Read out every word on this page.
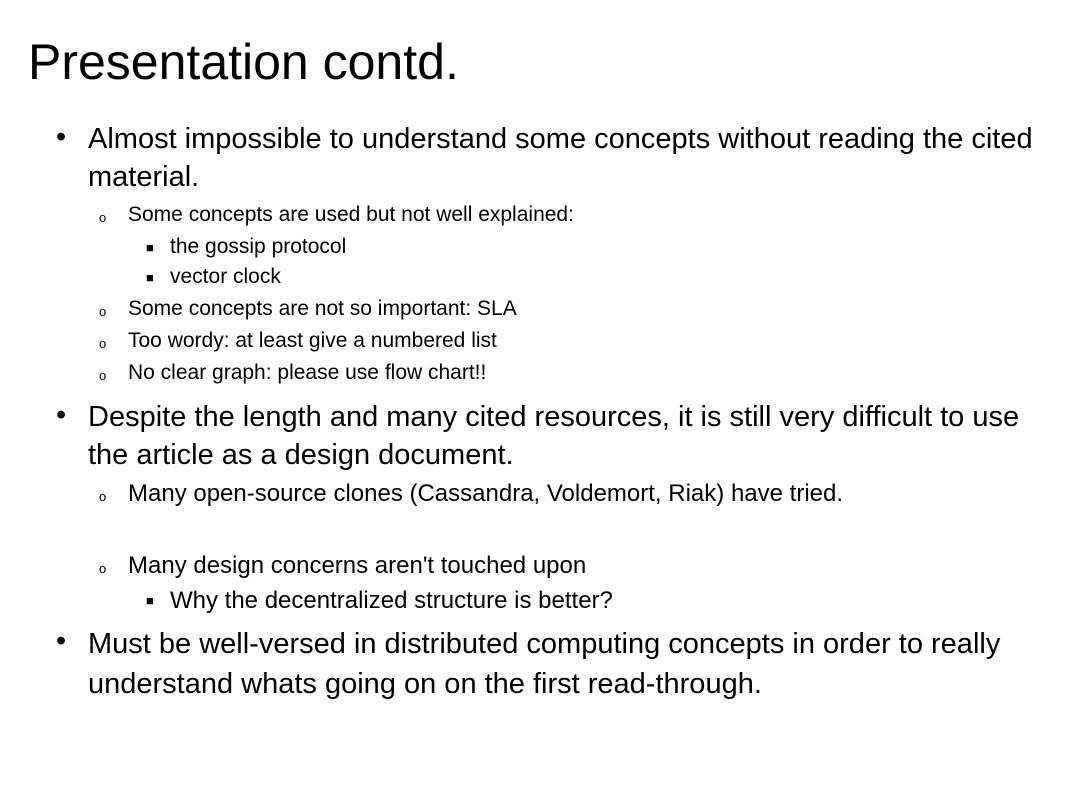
Presentation contd.
• Almost impossible to understand some concepts without reading the cited material.
o Some concepts are used but not well explained:
■ the gossip protocol
■ vector clock
o Some concepts are not so important: SLA
o Too wordy: at least give a numbered list
o No clear graph: please use flow chart!!
• Despite the length and many cited resources, it is still very difficult to use the article as a design document.
o Many open-source clones (Cassandra, Voldemort, Riak) have tried.
o Many design concerns aren't touched upon
■ Why the decentralized structure is better?
• Must be well-versed in distributed computing concepts in order to really understand whats going on on the first read-through.
